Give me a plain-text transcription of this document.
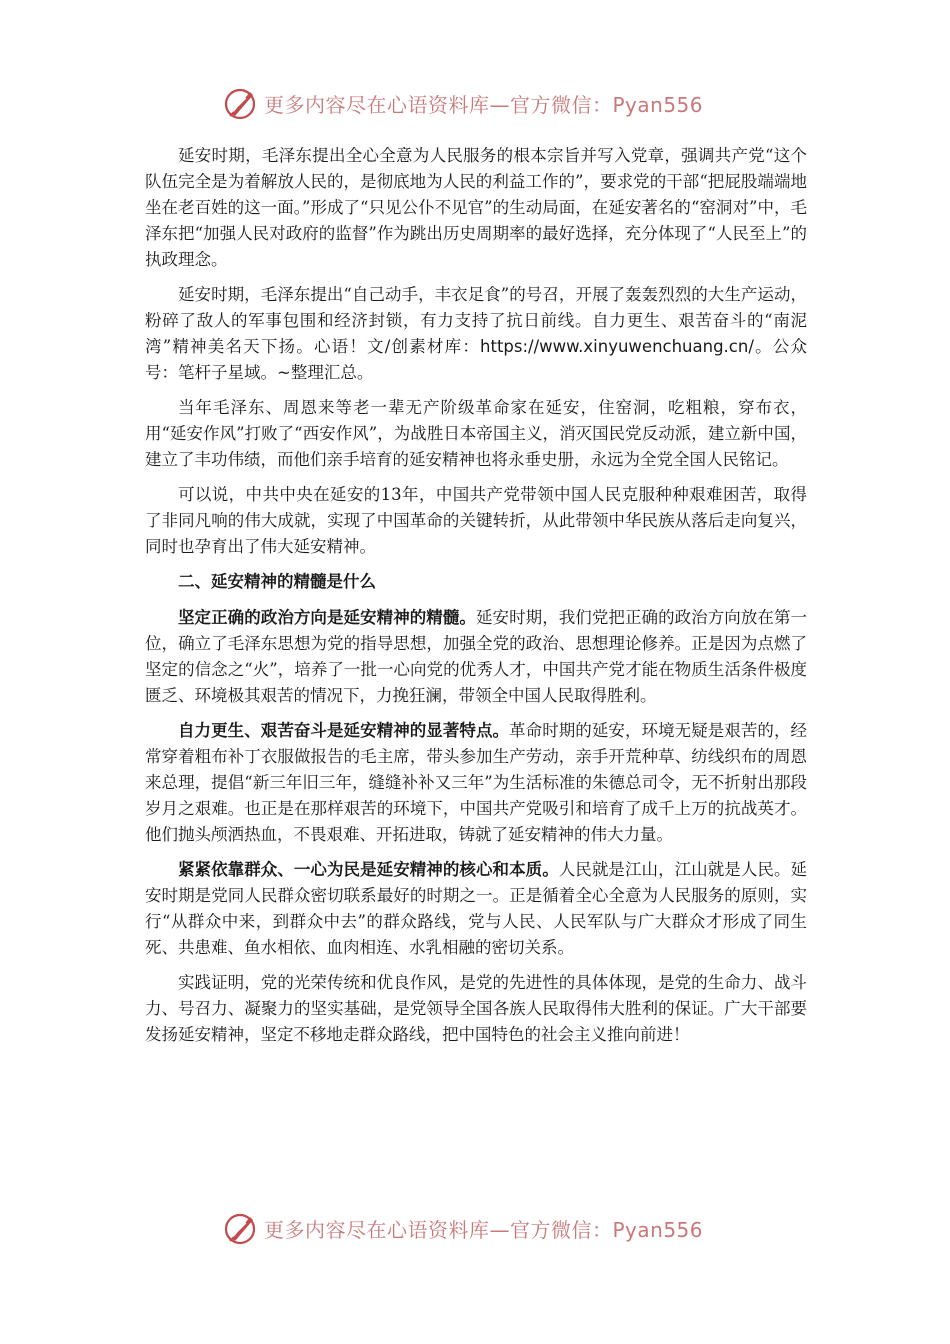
更多内容尽在心语资料库—官方微信：Pyan556

延安时期，毛泽东提出全心全意为人民服务的根本宗旨并写入党章，强调共产党“这个队伍完全是为着解放人民的，是彻底地为人民的利益工作的”，要求党的干部“把屁股端端地坐在老百姓的这一面。”形成了“只见公仆不见官”的生动局面，在延安著名的“窑洞对”中，毛泽东把“加强人民对政府的监督”作为跳出历史周期率的最好选择，充分体现了“人民至上”的执政理念。

延安时期，毛泽东提出“自己动手，丰衣足食”的号召，开展了轰轰烈烈的大生产运动，粉碎了敌人的军事包围和经济封锁，有力支持了抗日前线。自力更生、艰苦奋斗的“南泥湾”精神美名天下扬。心语！文/创素材库：https://www.xinyuwenchuang.cn/。公众号：笔杆子星域。~整理汇总。

当年毛泽东、周恩来等老一辈无产阶级革命家在延安，住窑洞，吃粗粮，穿布衣，用“延安作风”打败了“西安作风”，为战胜日本帝国主义，消灭国民党反动派，建立新中国，建立了丰功伟绩，而他们亲手培育的延安精神也将永垂史册，永远为全党全国人民铭记。

可以说，中共中央在延安的13年，中国共产党带领中国人民克服种种艰难困苦，取得了非同凡响的伟大成就，实现了中国革命的关键转折，从此带领中华民族从落后走向复兴，同时也孕育出了伟大延安精神。

二、延安精神的精髓是什么

坚定正确的政治方向是延安精神的精髓。延安时期，我们党把正确的政治方向放在第一位，确立了毛泽东思想为党的指导思想，加强全党的政治、思想理论修养。正是因为点燃了坚定的信念之“火”，培养了一批一心向党的优秀人才，中国共产党才能在物质生活条件极度匮乏、环境极其艰苦的情况下，力挽狂澜，带领全中国人民取得胜利。

自力更生、艰苦奋斗是延安精神的显著特点。革命时期的延安，环境无疑是艰苦的，经常穿着粗布补丁衣服做报告的毛主席，带头参加生产劳动，亲手开荒种草、纺线织布的周恩来总理，提倡“新三年旧三年，缝缝补补又三年”为生活标准的朱德总司令，无不折射出那段岁月之艰难。也正是在那样艰苦的环境下，中国共产党吸引和培育了成千上万的抗战英才。他们抛头颅洒热血，不畏艰难、开拓进取，铸就了延安精神的伟大力量。

紧紧依靠群众、一心为民是延安精神的核心和本质。人民就是江山，江山就是人民。延安时期是党同人民群众密切联系最好的时期之一。正是循着全心全意为人民服务的原则，实行“从群众中来，到群众中去”的群众路线，党与人民、人民军队与广大群众才形成了同生死、共患难、鱼水相依、血肉相连、水乳相融的密切关系。

实践证明，党的光荣传统和优良作风，是党的先进性的具体体现，是党的生命力、战斗力、号召力、凝聚力的坚实基础，是党领导全国各族人民取得伟大胜利的保证。广大干部要发扬延安精神，坚定不移地走群众路线，把中国特色的社会主义推向前进！

更多内容尽在心语资料库—官方微信：Pyan556
